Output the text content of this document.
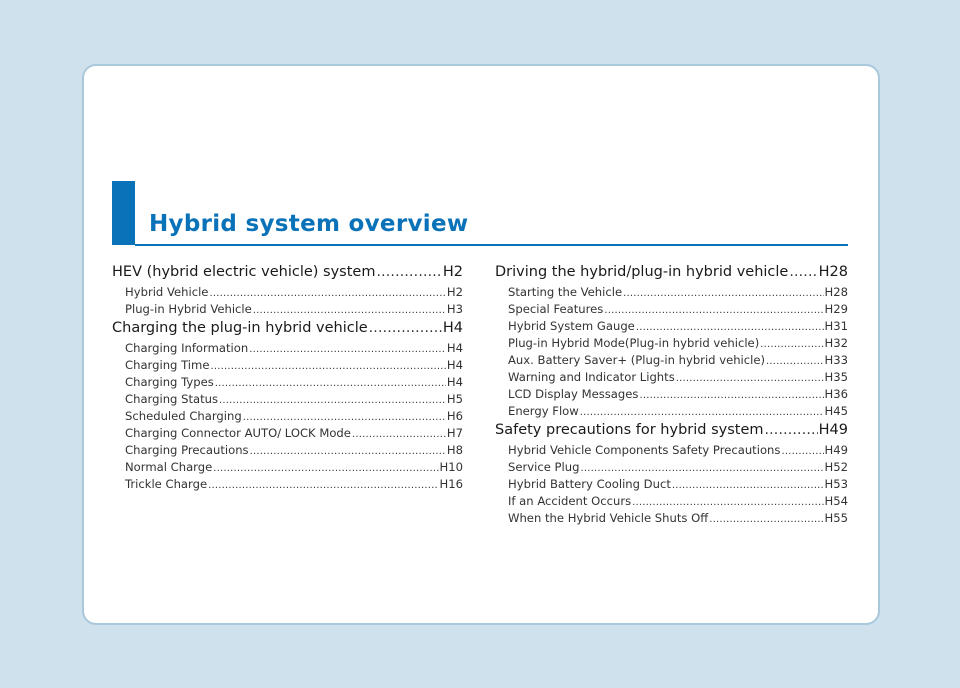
Hybrid system overview
HEV (hybrid electric vehicle) system .....	H2
Hybrid Vehicle .....	H2
Plug-in Hybrid Vehicle .....	H3
Charging the plug-in hybrid vehicle .....	H4
Charging Information .....	H4
Charging Time .....	H4
Charging Types .....	H4
Charging Status .....	H5
Scheduled Charging .....	H6
Charging Connector AUTO/ LOCK Mode .....	H7
Charging Precautions .....	H8
Normal Charge .....	H10
Trickle Charge .....	H16
Driving the hybrid/plug-in hybrid vehicle ..... H28
Starting the Vehicle .....	H28
Special Features .....	H29
Hybrid System Gauge .....	H31
Plug-in Hybrid Mode(Plug-in hybrid vehicle) .....	H32
Aux. Battery Saver+ (Plug-in hybrid vehicle) .....	H33
Warning and Indicator Lights .....	H35
LCD Display Messages .....	H36
Energy Flow .....	H45
Safety precautions for hybrid system .....	H49
Hybrid Vehicle Components Safety Precautions .....	H49
Service Plug .....	H52
Hybrid Battery Cooling Duct .....	H53
If an Accident Occurs .....	H54
When the Hybrid Vehicle Shuts Off .....	H55
